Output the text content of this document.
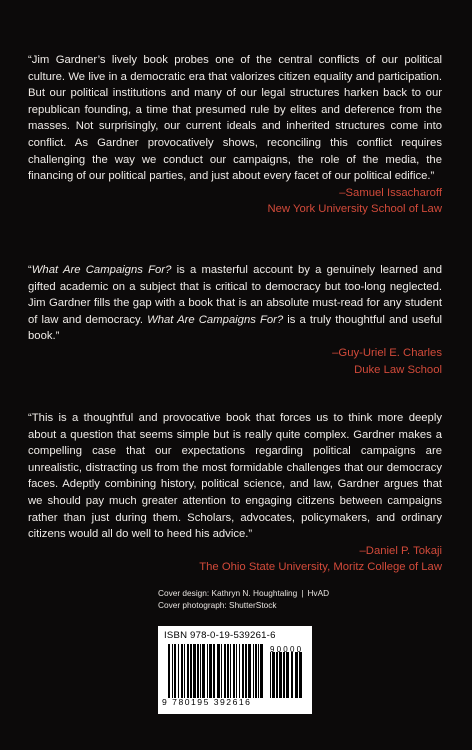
“Jim Gardner’s lively book probes one of the central conflicts of our political culture. We live in a democratic era that valorizes citizen equality and participation. But our political institutions and many of our legal structures harken back to our republican founding, a time that presumed rule by elites and deference from the masses. Not surprisingly, our current ideals and inherited structures come into conflict. As Gardner provocatively shows, reconciling this conflict requires challenging the way we conduct our campaigns, the role of the media, the financing of our political parties, and just about every facet of our political edifice.”

–Samuel Issacharoff
New York University School of Law

“What Are Campaigns For? is a masterful account by a genuinely learned and gifted academic on a subject that is critical to democracy but too-long neglected. Jim Gardner fills the gap with a book that is an absolute must-read for any student of law and democracy. What Are Campaigns For? is a truly thoughtful and useful book.”

–Guy-Uriel E. Charles
Duke Law School

“This is a thoughtful and provocative book that forces us to think more deeply about a question that seems simple but is really quite complex. Gardner makes a compelling case that our expectations regarding political campaigns are unrealistic, distracting us from the most formidable challenges that our democracy faces. Adeptly combining history, political science, and law, Gardner argues that we should pay much greater attention to engaging citizens between campaigns rather than just during them. Scholars, advocates, policymakers, and ordinary citizens would all do well to heed his advice.”

–Daniel P. Tokaji
The Ohio State University, Moritz College of Law
Cover design: Kathryn N. Houghtaling | HvAD
Cover photograph: ShutterStock
ISBN 978-0-19-539261-6
9 780195 392616
90000
